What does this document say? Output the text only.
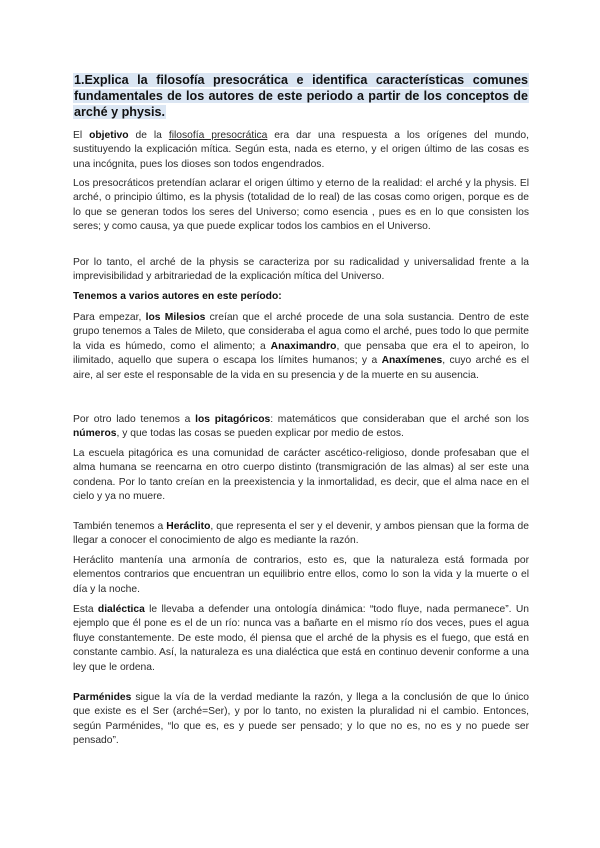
1.Explica la filosofía presocrática e identifica características comunes fundamentales de los autores de este periodo a partir de los conceptos de arché y physis.

El objetivo de la filosofía presocrática era dar una respuesta a los orígenes del mundo, sustituyendo la explicación mítica. Según esta, nada es eterno, y el origen último de las cosas es una incógnita, pues los dioses son todos engendrados.

Los presocráticos pretendían aclarar el origen último y eterno de la realidad: el arché y la physis. El arché, o principio último, es la physis (totalidad de lo real) de las cosas como origen, porque es de lo que se generan todos los seres del Universo; como esencia , pues es en lo que consisten los seres; y como causa, ya que puede explicar todos los cambios en el Universo.

Por lo tanto, el arché de la physis se caracteriza por su radicalidad y universalidad frente a la imprevisibilidad y arbitrariedad de la explicación mítica del Universo.

Tenemos a varios autores en este período:

Para empezar, los Milesios creían que el arché procede de una sola sustancia. Dentro de este grupo tenemos a Tales de Mileto, que consideraba el agua como el arché, pues todo lo que permite la vida es húmedo, como el alimento; a Anaximandro, que pensaba que era el to apeiron, lo ilimitado, aquello que supera o escapa los límites humanos; y a Anaxímenes, cuyo arché es el aire, al ser este el responsable de la vida en su presencia y de la muerte en su ausencia.

Por otro lado tenemos a los pitagóricos: matemáticos que consideraban que el arché son los números, y que todas las cosas se pueden explicar por medio de estos.

La escuela pitagórica es una comunidad de carácter ascético-religioso, donde profesaban que el alma humana se reencarna en otro cuerpo distinto (transmigración de las almas) al ser este una condena. Por lo tanto creían en la preexistencia y la inmortalidad, es decir, que el alma nace en el cielo y ya no muere.

También tenemos a Heráclito, que representa el ser y el devenir, y ambos piensan que la forma de llegar a conocer el conocimiento de algo es mediante la razón.

Heráclito mantenía una armonía de contrarios, esto es, que la naturaleza está formada por elementos contrarios que encuentran un equilibrio entre ellos, como lo son la vida y la muerte o el día y la noche.

Esta dialéctica le llevaba a defender una ontología dinámica: “todo fluye, nada permanece”. Un ejemplo que él pone es el de un río: nunca vas a bañarte en el mismo río dos veces, pues el agua fluye constantemente. De este modo, él piensa que el arché de la physis es el fuego, que está en constante cambio. Así, la naturaleza es una dialéctica que está en continuo devenir conforme a una ley que le ordena.

Parménides sigue la vía de la verdad mediante la razón, y llega a la conclusión de que lo único que existe es el Ser (arché=Ser), y por lo tanto, no existen la pluralidad ni el cambio. Entonces, según Parménides, “lo que es, es y puede ser pensado; y lo que no es, no es y no puede ser pensado”.
